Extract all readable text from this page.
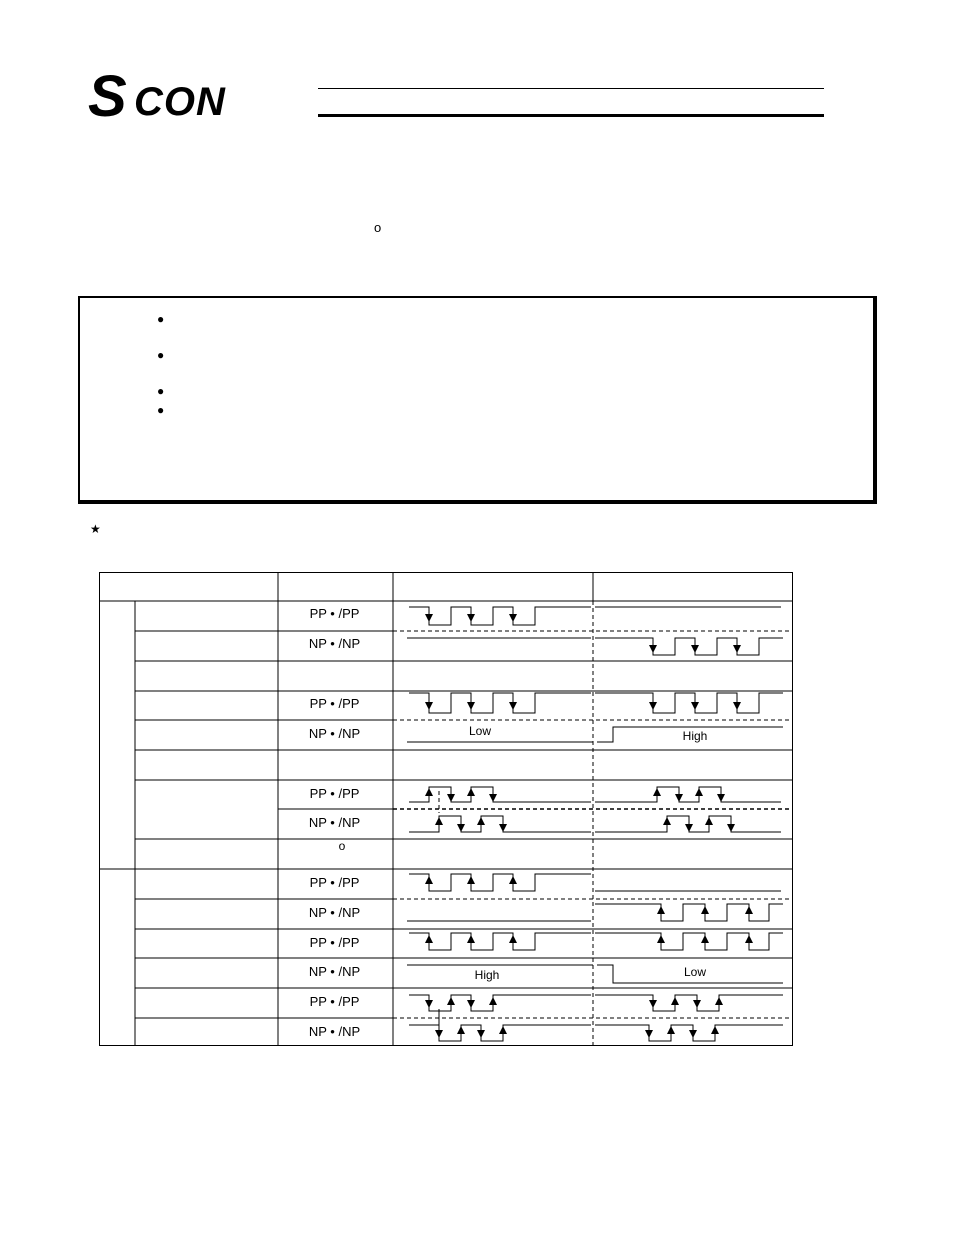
S CON
o
●
●
●
●
★
PP • /PP
NP • /NP
PP • /PP
NP • /NP
PP • /PP
NP • /NP
PP • /PP
NP • /NP
PP • /PP
NP • /NP
PP • /PP
NP • /NP
Low	High
High	Low
o
